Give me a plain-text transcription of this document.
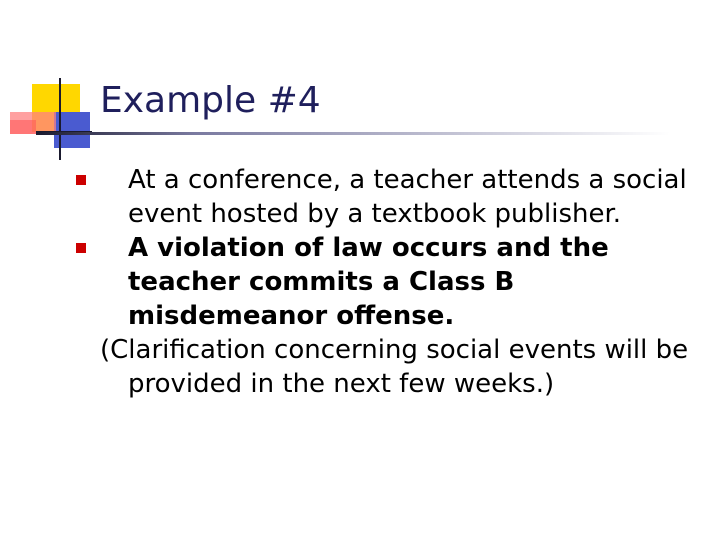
Example #4

At a conference, a teacher attends a social event hosted by a textbook publisher.

A violation of law occurs and the teacher commits a Class B misdemeanor offense.

(Clarification concerning social events will be provided in the next few weeks.)
